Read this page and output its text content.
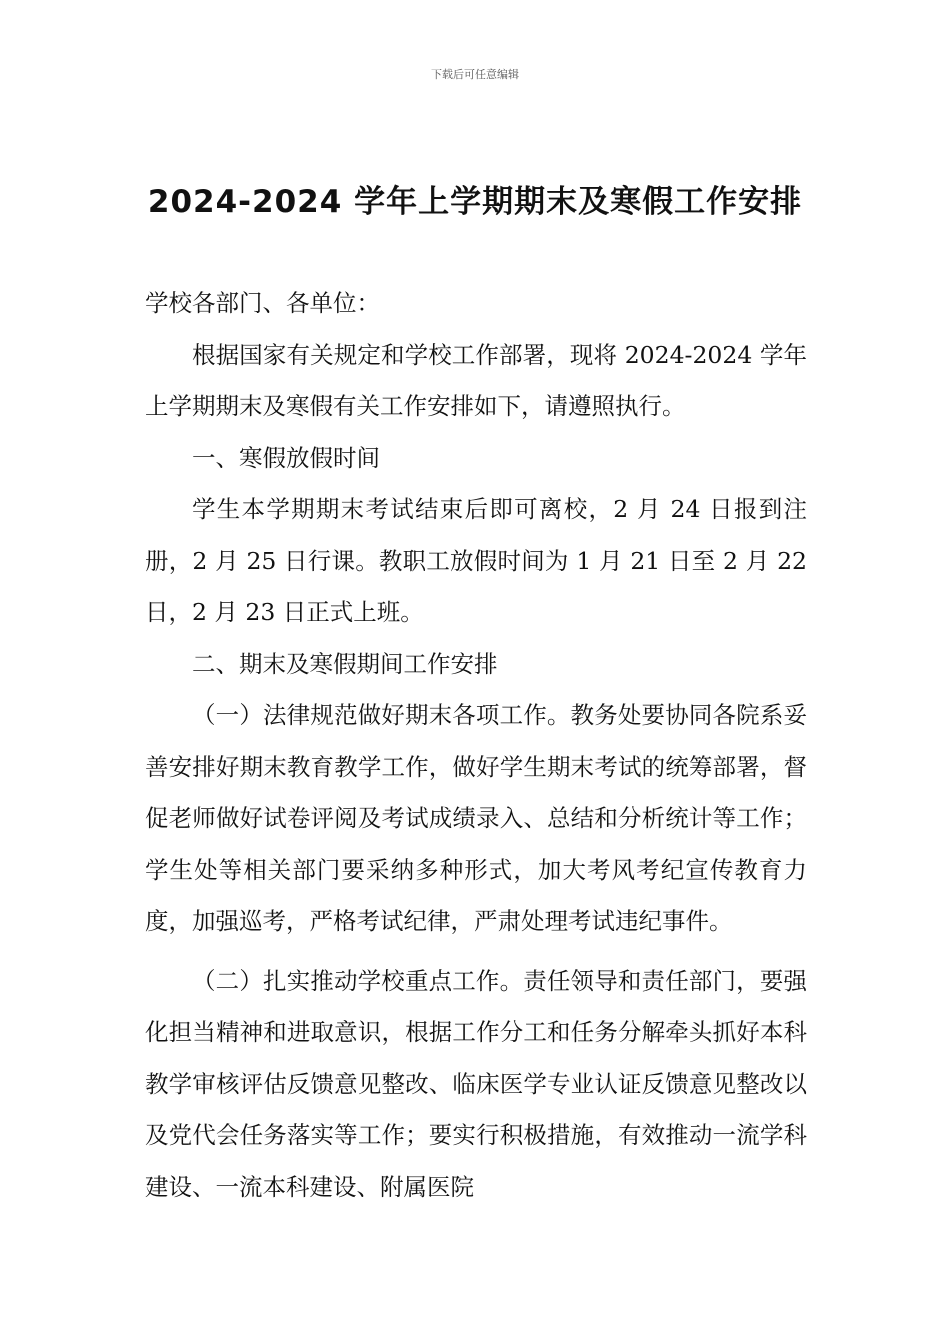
下载后可任意编辑
2024-2024 学年上学期期末及寒假工作安排

学校各部门、各单位：

根据国家有关规定和学校工作部署，现将 2024-2024 学年上学期期末及寒假有关工作安排如下，请遵照执行。

一、寒假放假时间

学生本学期期末考试结束后即可离校，2 月 24 日报到注册，2 月 25 日行课。教职工放假时间为 1 月 21 日至 2 月 22 日，2 月 23 日正式上班。

二、期末及寒假期间工作安排

（一）法律规范做好期末各项工作。教务处要协同各院系妥善安排好期末教育教学工作，做好学生期末考试的统筹部署，督促老师做好试卷评阅及考试成绩录入、总结和分析统计等工作；学生处等相关部门要采纳多种形式，加大考风考纪宣传教育力度，加强巡考，严格考试纪律，严肃处理考试违纪事件。

（二）扎实推动学校重点工作。责任领导和责任部门，要强化担当精神和进取意识，根据工作分工和任务分解牵头抓好本科教学审核评估反馈意见整改、临床医学专业认证反馈意见整改以及党代会任务落实等工作；要实行积极措施，有效推动一流学科建设、一流本科建设、附属医院
